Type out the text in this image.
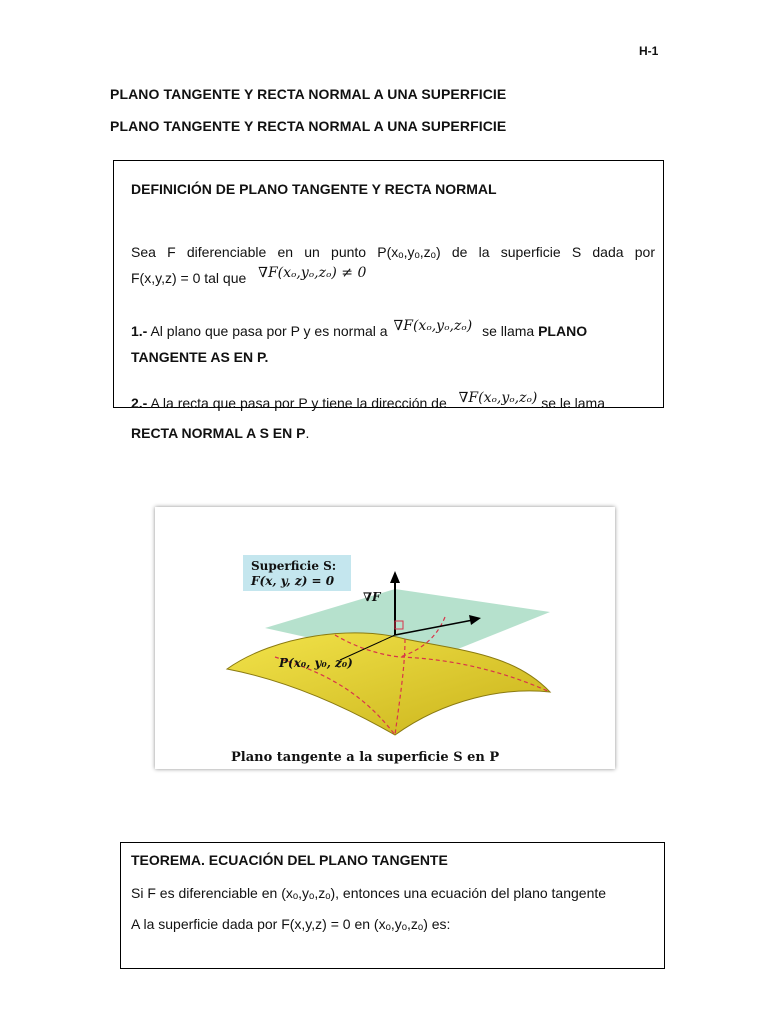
H-1
PLANO TANGENTE Y RECTA NORMAL A UNA SUPERFICIE
PLANO TANGENTE Y RECTA NORMAL A UNA SUPERFICIE
DEFINICIÓN DE PLANO TANGENTE Y RECTA NORMAL
Sea F diferenciable en un punto P(xₒ,yₒ,zₒ) de la superficie S dada por
F(x,y,z) = 0 tal que ∇F(xₒ,yₒ,zₒ) ≠ 0
1.- Al plano que pasa por P y es normal a ∇F(xₒ,yₒ,zₒ) se llama PLANO
TANGENTE AS EN P.
2.- A la recta que pasa por P y tiene la dirección de ∇F(xₒ,yₒ,zₒ) se le lama
RECTA NORMAL A S EN P.
Superficie S:
F(x, y, z) = 0
∇F
P(x₀, y₀, z₀)
Plano tangente a la superficie S en P
TEOREMA. ECUACIÓN DEL PLANO TANGENTE
Si F es diferenciable en (xₒ,yₒ,zₒ), entonces una ecuación del plano tangente
A la superficie dada por F(x,y,z) = 0 en (xₒ,yₒ,zₒ) es:
